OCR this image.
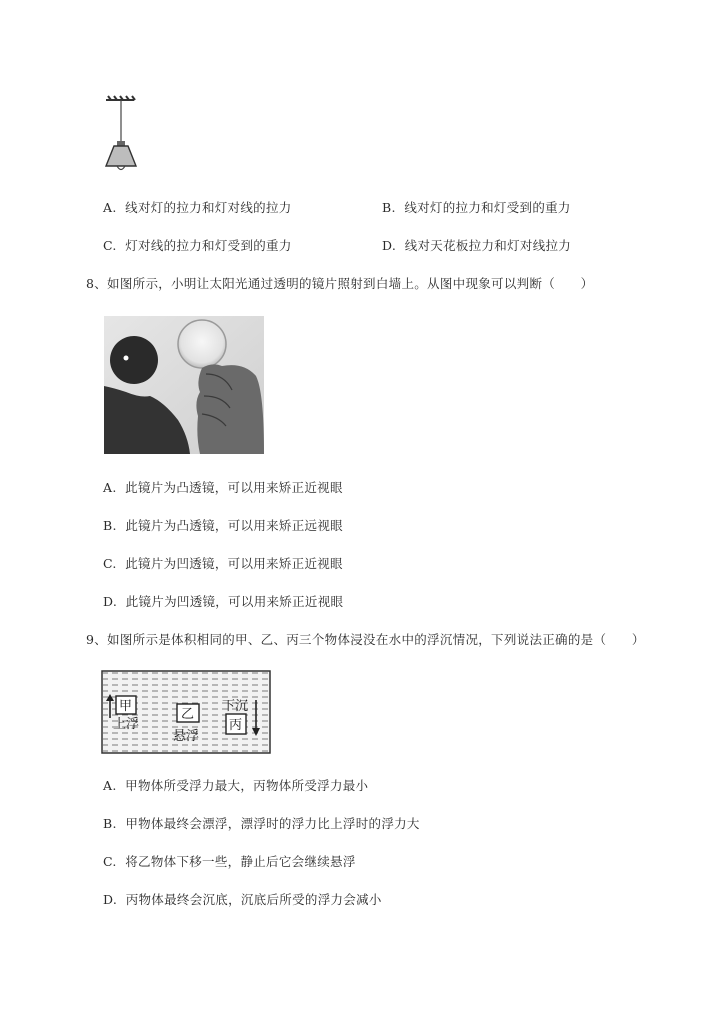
A. 线对灯的拉力和灯对线的拉力	B. 线对灯的拉力和灯受到的重力
C. 灯对线的拉力和灯受到的重力	D. 线对天花板拉力和灯对线拉力
8、如图所示，小明让太阳光通过透明的镜片照射到白墙上。从图中现象可以判断（　　）
A. 此镜片为凸透镜，可以用来矫正近视眼
B. 此镜片为凸透镜，可以用来矫正远视眼
C. 此镜片为凹透镜，可以用来矫正近视眼
D. 此镜片为凹透镜，可以用来矫正近视眼
9、如图所示是体积相同的甲、乙、丙三个物体浸没在水中的浮沉情况，下列说法正确的是（　　）
甲
上浮
乙
悬浮
下沉
丙
A. 甲物体所受浮力最大，丙物体所受浮力最小
B. 甲物体最终会漂浮，漂浮时的浮力比上浮时的浮力大
C. 将乙物体下移一些，静止后它会继续悬浮
D. 丙物体最终会沉底，沉底后所受的浮力会减小
